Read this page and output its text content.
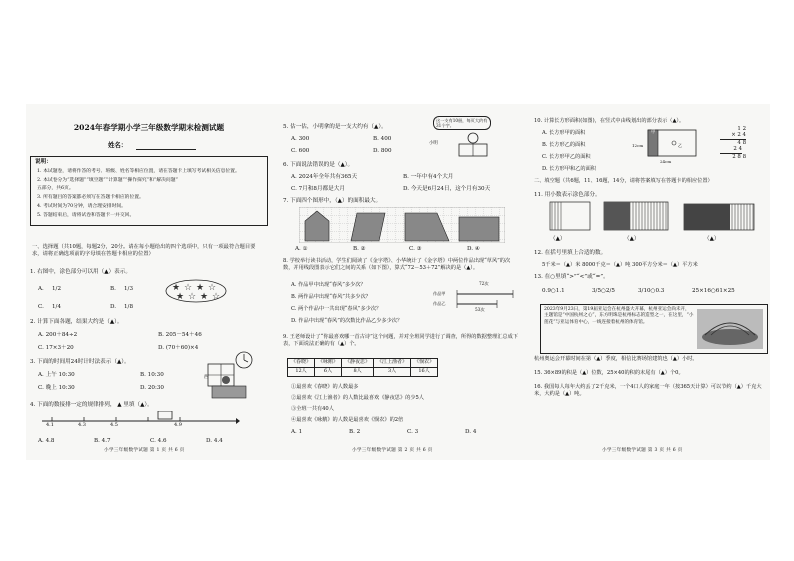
2024年春学期小学三年级数学期末检测试题
姓名：
说明：
1. 本试题卷，请将作答的考号、班级、姓名等相应位置，请在答题卡上填写考试相关信息位置。
2. 本试卷分为“选择题”“填空题”“计算题”“操作探究”和“解决问题”
五部分，共6页。
3. 所有题目的答案都必须写在答题卡相应的位置。
4. 考试时间为70分钟，请合理安排时间。
5. 答题结束后，请将试卷和答题卡一并交回。
一、选择题（共10题，每题2分，20分。请在每小题给出的四个选项中，只有一项最符合题目要求，请将正确选项前的字母填在答题卡相应的位置）
1. 右图中，涂色部分可以用（▲）表示。
A. 1/2	B. 1/3
C. 1/4	D. 1/8
★ ☆ ★ ☆
★ ☆ ★ ☆
2. 计算下面各题，结果大约是（▲）。
A. 200＋84÷2	B. 205－54＋46
C. 17×3＋20	D. (70＋60)×4
3. 下面的时间用24时计时法表示（▲）。
A. 上午 10:30	B. 10:30
C. 晚上 10:30	D. 20:30
西
4. 下面的数接排一定的规律排列， ▲ 里填（▲）。
4.1	4.3	4.5	4.9
A. 4.8	B. 4.7	C. 4.6	D. 4.4
5. 估一估，小明拿的是一支大约有（▲）。
A. 300	B. 400
C. 600	D. 800
这一支有10册，每页大约有31个字。
小明
6. 下面说法错误的是（▲）。
A. 2024年全年共有365天	B. 一年中有4个大月
C. 7月和8月都是大月	D. 今天是6月24日，这个月有30天
7. 下面四个图形中，（▲）的面积最大。
A. ①	B. ②	C. ③	D. ④
8. 学校举行读书活动，学生们阅读了《金字塔》、小华统计了《金字塔》中两位作品出现“草风”的次数，并用线段图表示它们之间的关系（如下图），算式“72－53＋72”解决的是（▲）。
A. 作品甲中出现“春风”多少次？
B. 两作品中出现“春风”共多少次？
C. 两个作品中一共出现“春风”多少次？
D. 作品中出现“春风”的次数比作品乙少多少次？
72次
作品甲
作品乙
53次
9. 王老师设计了“你最喜欢哪一首古诗”这个问题，并对全班同学进行了调查，所得的数据整理汇总成下表，下面说法正确的有（▲）个。
《春晓》	《咏鹅》	《静夜思》	《江上渔者》	《悯农》
12人	6人	8人	3人	16人
①最喜欢《春晓》的人数最多
②最喜欢《江上渔者》的人数比最喜欢《静夜思》的少5人
③全班一共有40人
④最喜欢《咏鹅》的人数是最喜欢《悯农》的2倍
A. 1	B. 2	C. 3	D. 4
10. 计算长方形面积(如图)，在竖式中由线划出的部分表示（▲）。
A. 长方形甲的面积
B. 长方形乙的面积
C. 长方形甲乙的面积
D. 长方形甲和乙的面积
甲
乙
12cm
24cm
1 2
× 2 4
4 8
2 4
2 8 8
二、填空题（共6题，11、16题，14分，请将答案填写在答题卡的相应位置）
11. 用小数表示涂色部分。
（▲）	（▲）	（▲）
12. 在括号里填上合适的数。
5千米＝（▲）米 8000千克＝（▲）吨 300平方分米＝（▲）平方米
13. 在○里填“>”“<”或“=”。
0.9○1.1	3/5○2/5	3/10○0.3	25×16○61×25
2023年9月23日，第19届亚运会在杭州盛大开幕，杭州亚运会尚未开，主题馆是“中国杭州之心”，东方明珠是杭州标志的造型之一，在这里，“小莲花”与亚运体育中心，一线连接着杭州的体育馆。
杭州奥运会开幕时间在第（▲）季度，相信比赛场馆建筑也（▲）小时。
15. 36×89的积是（▲）位数，25×40的积的末尾有（▲）个0。
16. 我国每人每年大约丢了2千克米，一个4口人的家庭一年（按365天计算）可以节约（▲）千克大米，大约是（▲）吨。
小学三年级数学试题 第 1 页 共 6 页	小学三年级数学试题 第 2 页 共 6 页	小学三年级数学试题 第 3 页 共 6 页
